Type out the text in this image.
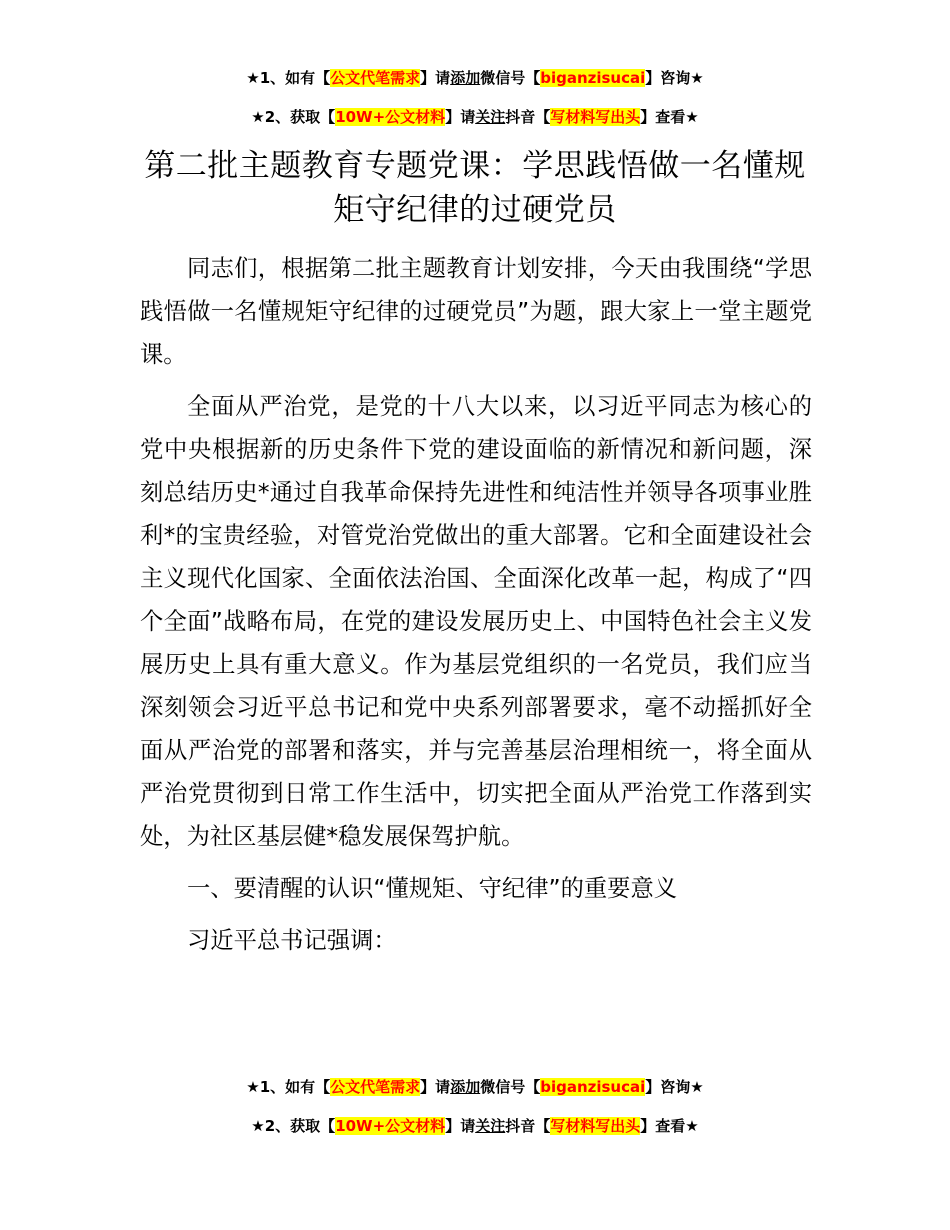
★1、如有【公文代笔需求】请添加微信号【biganzisucai】咨询★
★2、获取【10W+公文材料】请关注抖音【写材料写出头】查看★
第二批主题教育专题党课：学思践悟做一名懂规矩守纪律的过硬党员

同志们，根据第二批主题教育计划安排，今天由我围绕“学思践悟做一名懂规矩守纪律的过硬党员”为题，跟大家上一堂主题党课。

全面从严治党，是党的十八大以来，以习近平同志为核心的党中央根据新的历史条件下党的建设面临的新情况和新问题，深刻总结历史*通过自我革命保持先进性和纯洁性并领导各项事业胜利*的宝贵经验，对管党治党做出的重大部署。它和全面建设社会主义现代化国家、全面依法治国、全面深化改革一起，构成了“四个全面”战略布局，在党的建设发展历史上、中国特色社会主义发展历史上具有重大意义。作为基层党组织的一名党员，我们应当深刻领会习近平总书记和党中央系列部署要求，毫不动摇抓好全面从严治党的部署和落实，并与完善基层治理相统一，将全面从严治党贯彻到日常工作生活中，切实把全面从严治党工作落到实处，为社区基层健*稳发展保驾护航。

一、要清醒的认识“懂规矩、守纪律”的重要意义

习近平总书记强调：

★1、如有【公文代笔需求】请添加微信号【biganzisucai】咨询★
★2、获取【10W+公文材料】请关注抖音【写材料写出头】查看★
